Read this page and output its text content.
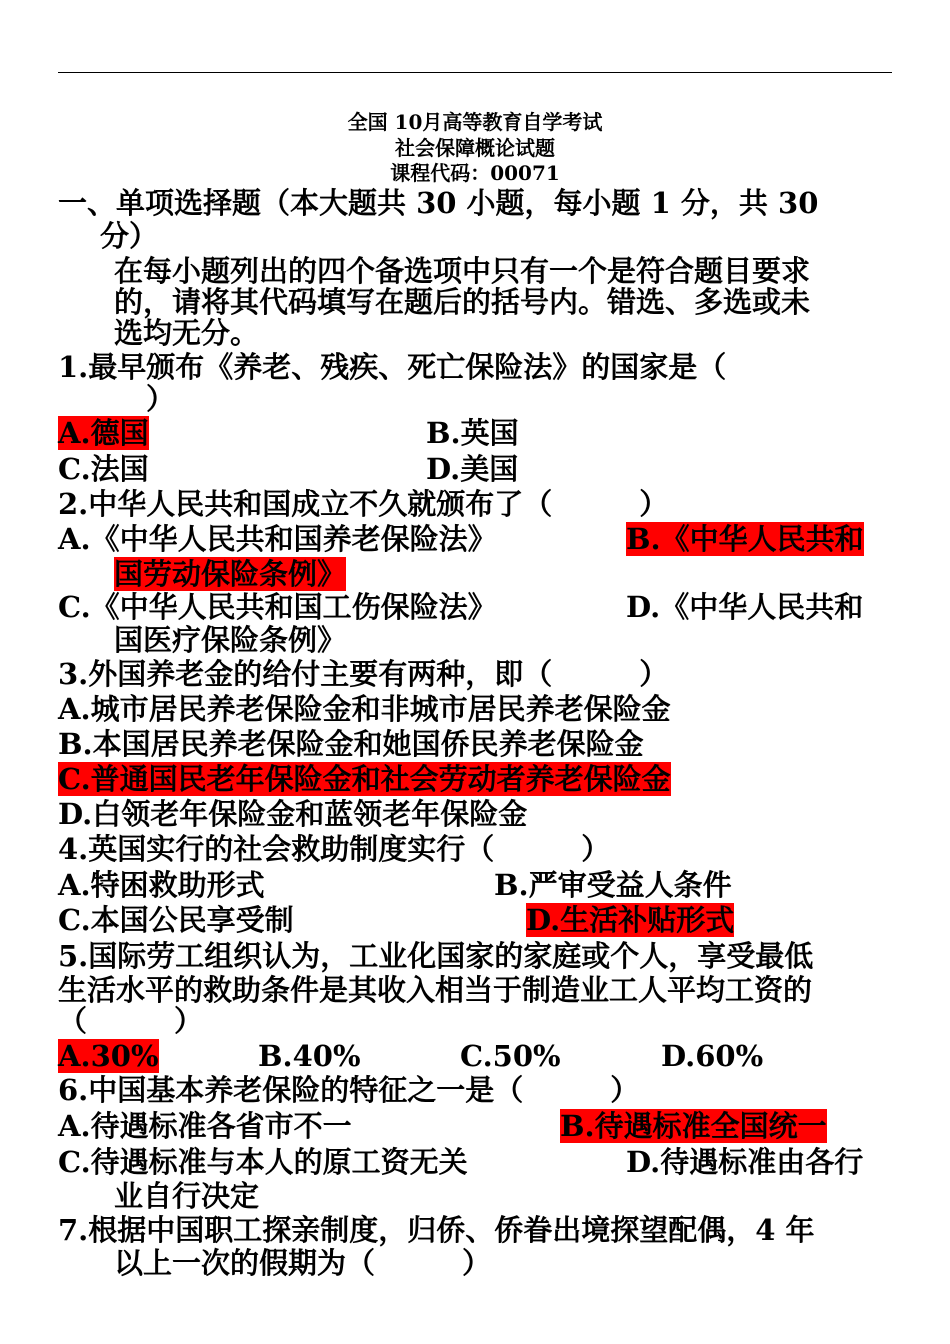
全国 10月高等教育自学考试
社会保障概论试题
课程代码：00071
一、单项选择题（本大题共 30 小题，每小题 1 分，共 30
分）
在每小题列出的四个备选项中只有一个是符合题目要求
的，请将其代码填写在题后的括号内。错选、多选或未
选均无分。
1.最早颁布《养老、残疾、死亡保险法》的国家是（
）
A.德国	B.英国
C.法国	D.美国
2.中华人民共和国成立不久就颁布了（　　　）
A.《中华人民共和国养老保险法》	B.《中华人民共和
国劳动保险条例》
C.《中华人民共和国工伤保险法》	D.《中华人民共和
国医疗保险条例》
3.外国养老金的给付主要有两种，即（　　　）
A.城市居民养老保险金和非城市居民养老保险金
B.本国居民养老保险金和她国侨民养老保险金
C.普通国民老年保险金和社会劳动者养老保险金
D.白领老年保险金和蓝领老年保险金
4.英国实行的社会救助制度实行（　　　）
A.特困救助形式	B.严审受益人条件
C.本国公民享受制	D.生活补贴形式
5.国际劳工组织认为，工业化国家的家庭或个人，享受最低
生活水平的救助条件是其收入相当于制造业工人平均工资的
（　　　）
A.30%	B.40%	C.50%	D.60%
6.中国基本养老保险的特征之一是（　　　）
A.待遇标准各省市不一	B.待遇标准全国统一
C.待遇标准与本人的原工资无关	D.待遇标准由各行
业自行决定
7.根据中国职工探亲制度，归侨、侨眷出境探望配偶，4 年
以上一次的假期为（　　　）
